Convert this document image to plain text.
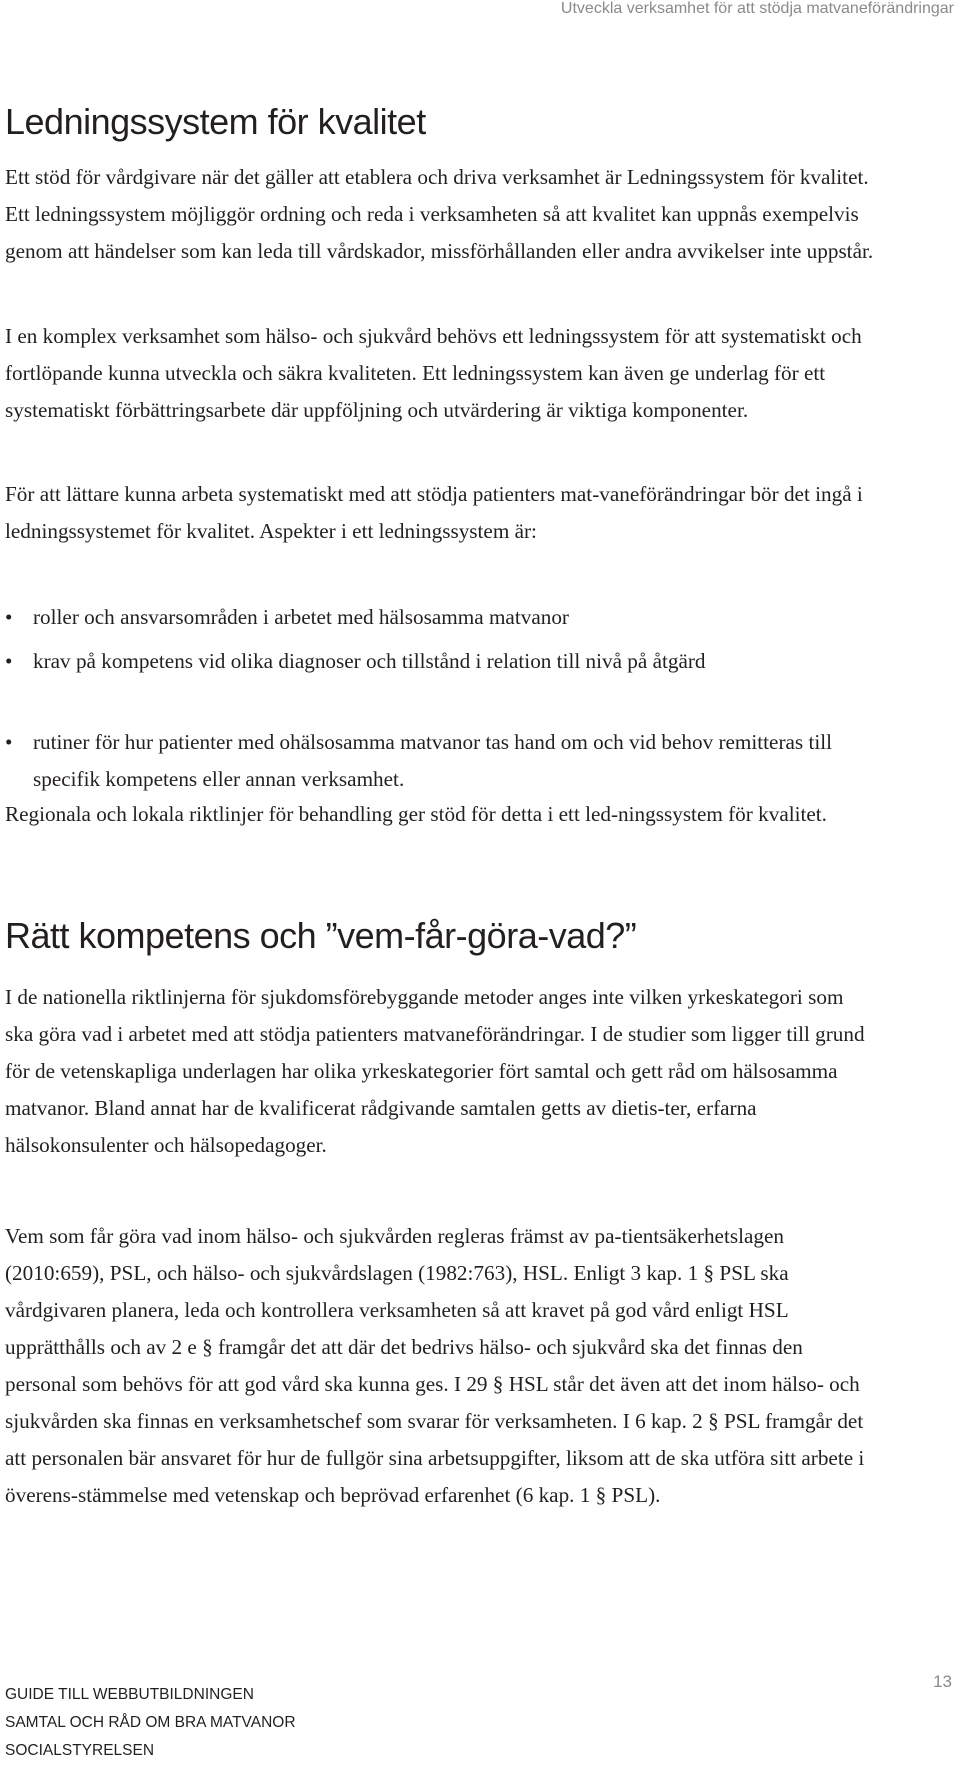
Utveckla verksamhet för att stödja matvaneförändringar
Ledningssystem för kvalitet

Ett stöd för vårdgivare när det gäller att etablera och driva verksamhet är Ledningssystem för kvalitet. Ett ledningssystem möjliggör ordning och reda i verksamheten så att kvalitet kan uppnås exempelvis genom att händelser som kan leda till vårdskador, missförhållanden eller andra avvikelser inte uppstår.

I en komplex verksamhet som hälso- och sjukvård behövs ett ledningssystem för att systematiskt och fortlöpande kunna utveckla och säkra kvaliteten. Ett ledningssystem kan även ge underlag för ett systematiskt förbättringsarbete där uppföljning och utvärdering är viktiga komponenter.

För att lättare kunna arbeta systematiskt med att stödja patienters mat-vaneförändringar bör det ingå i ledningssystemet för kvalitet. Aspekter i ett ledningssystem är:

• roller och ansvarsområden i arbetet med hälsosamma matvanor
• krav på kompetens vid olika diagnoser och tillstånd i relation till nivå på åtgärd
• rutiner för hur patienter med ohälsosamma matvanor tas hand om och vid behov remitteras till specifik kompetens eller annan verksamhet.

Regionala och lokala riktlinjer för behandling ger stöd för detta i ett led-ningssystem för kvalitet.

Rätt kompetens och ”vem-får-göra-vad?”

I de nationella riktlinjerna för sjukdomsförebyggande metoder anges inte vilken yrkeskategori som ska göra vad i arbetet med att stödja patienters matvaneförändringar. I de studier som ligger till grund för de vetenskapliga underlagen har olika yrkeskategorier fört samtal och gett råd om hälsosamma matvanor. Bland annat har de kvalificerat rådgivande samtalen getts av dietis-ter, erfarna hälsokonsulenter och hälsopedagoger.

Vem som får göra vad inom hälso- och sjukvården regleras främst av pa-tientsäkerhetslagen (2010:659), PSL, och hälso- och sjukvårdslagen (1982:763), HSL. Enligt 3 kap. 1 § PSL ska vårdgivaren planera, leda och kontrollera verksamheten så att kravet på god vård enligt HSL upprätthålls och av 2 e § framgår det att där det bedrivs hälso- och sjukvård ska det finnas den personal som behövs för att god vård ska kunna ges. I 29 § HSL står det även att det inom hälso- och sjukvården ska finnas en verksamhetschef som svarar för verksamheten. I 6 kap. 2 § PSL framgår det att personalen bär ansvaret för hur de fullgör sina arbetsuppgifter, liksom att de ska utföra sitt arbete i överens-stämmelse med vetenskap och beprövad erfarenhet (6 kap. 1 § PSL).

GUIDE TILL WEBBUTBILDNINGEN
SAMTAL OCH RÅD OM BRA MATVANOR
SOCIALSTYRELSEN
13
